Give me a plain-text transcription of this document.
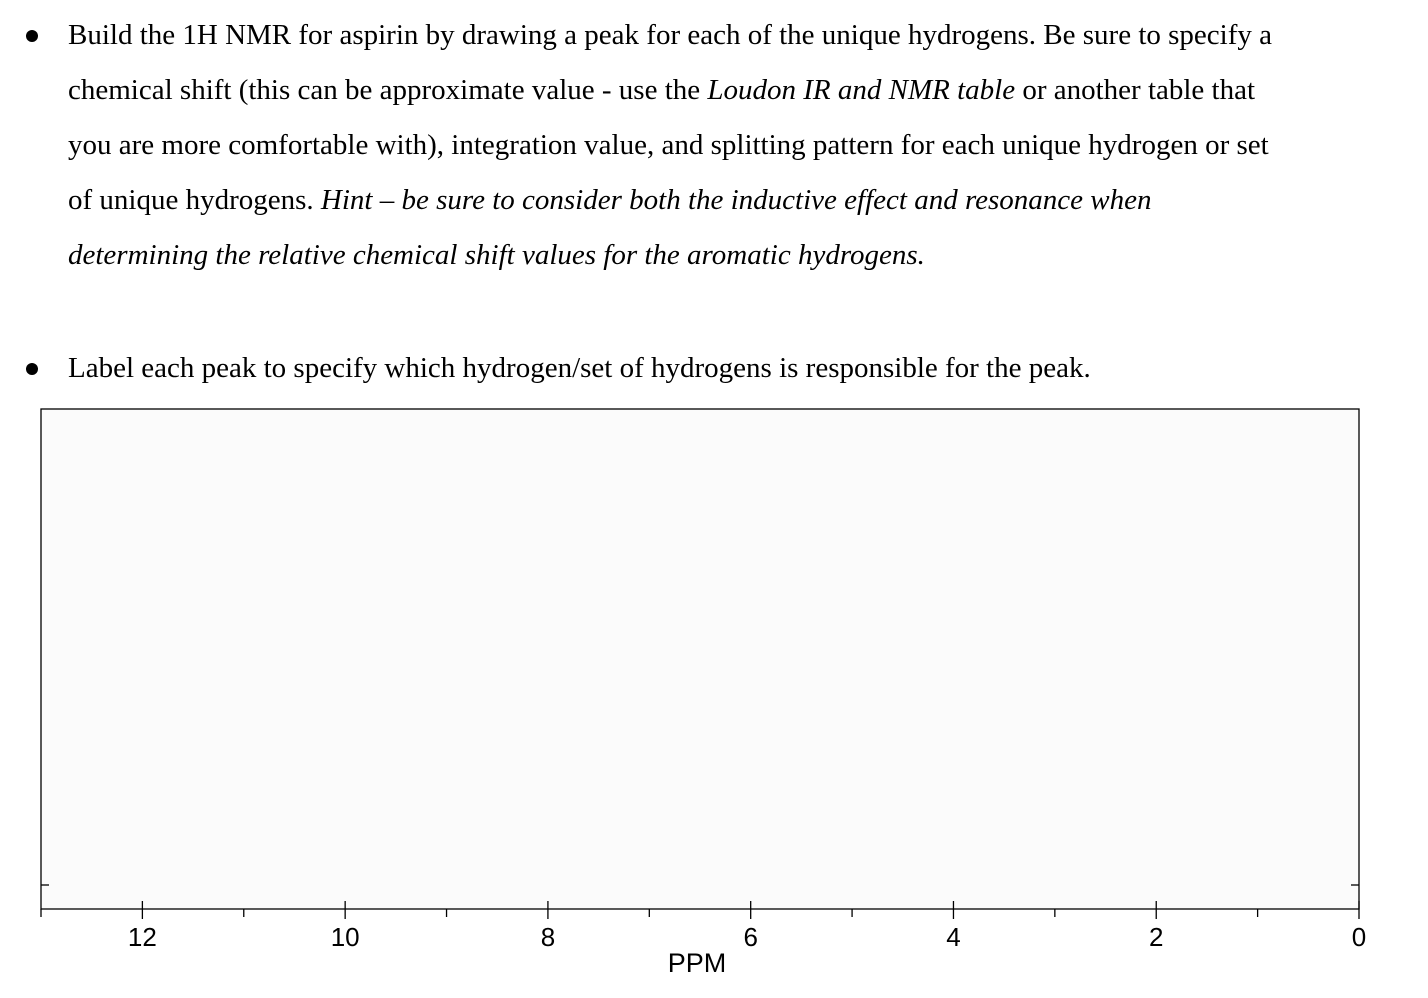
Build the 1H NMR for aspirin by drawing a peak for each of the unique hydrogens. Be sure to specify a
chemical shift (this can be approximate value - use the Loudon IR and NMR table or another table that
you are more comfortable with), integration value, and splitting pattern for each unique hydrogen or set
of unique hydrogens. Hint – be sure to consider both the inductive effect and resonance when
determining the relative chemical shift values for the aromatic hydrogens.
Label each peak to specify which hydrogen/set of hydrogens is responsible for the peak.
12	10	8	6	4	2	0
PPM
